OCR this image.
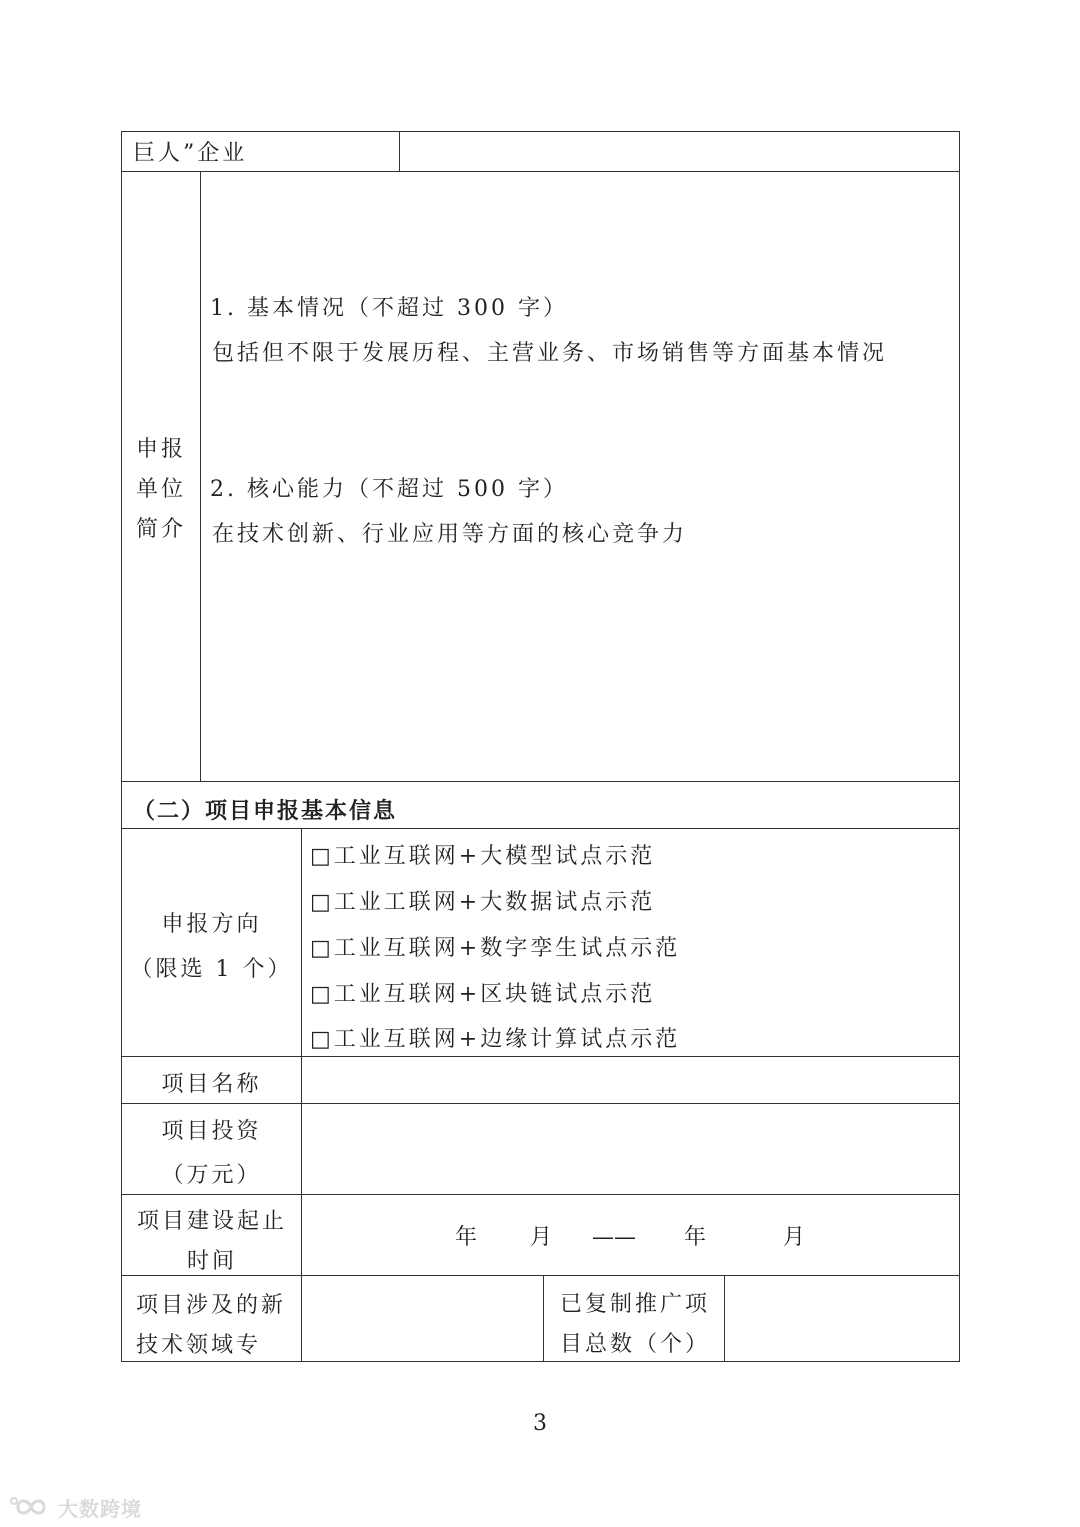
巨人”企业
申报单位简介
1. 基本情况（不超过 300 字）
包括但不限于发展历程、主营业务、市场销售等方面基本情况
2. 核心能力（不超过 500 字）
在技术创新、行业应用等方面的核心竞争力
（二）项目申报基本信息
申报方向
（限选 1 个）
□工业互联网+大模型试点示范
□工业工联网+大数据试点示范
□工业互联网+数字孪生试点示范
□工业互联网+区块链试点示范
□工业互联网+边缘计算试点示范
项目名称
项目投资
（万元）
项目建设起止时间
年 月 —— 年	月
项目涉及的新技术领域专
已复制推广项目总数（个）
3
大数跨境
